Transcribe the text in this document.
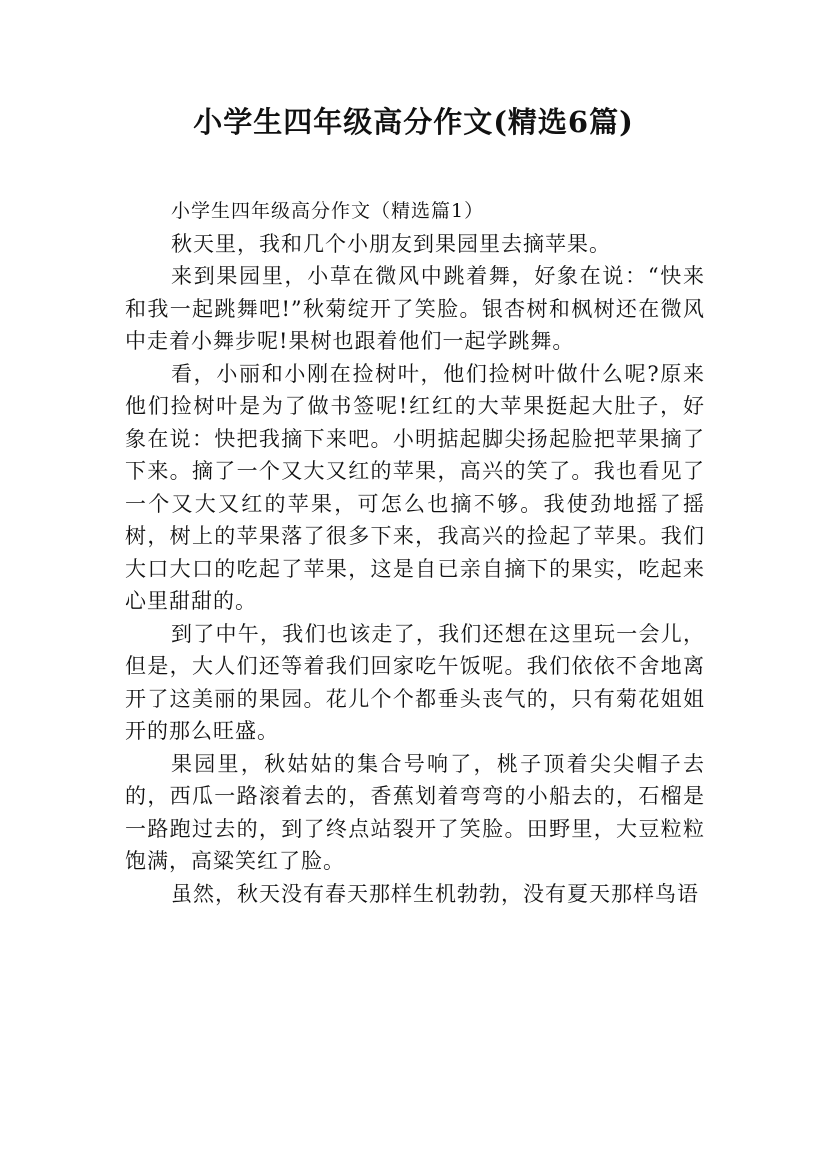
小学生四年级高分作文(精选6篇)
小学生四年级高分作文（精选篇1）

秋天里，我和几个小朋友到果园里去摘苹果。

来到果园里，小草在微风中跳着舞，好象在说：“快来和我一起跳舞吧!”秋菊绽开了笑脸。银杏树和枫树还在微风中走着小舞步呢!果树也跟着他们一起学跳舞。

看，小丽和小刚在捡树叶，他们捡树叶做什么呢?原来他们捡树叶是为了做书签呢!红红的大苹果挺起大肚子，好象在说：快把我摘下来吧。小明掂起脚尖扬起脸把苹果摘了下来。摘了一个又大又红的苹果，高兴的笑了。我也看见了一个又大又红的苹果，可怎么也摘不够。我使劲地摇了摇树，树上的苹果落了很多下来，我高兴的捡起了苹果。我们大口大口的吃起了苹果，这是自已亲自摘下的果实，吃起来心里甜甜的。

到了中午，我们也该走了，我们还想在这里玩一会儿，但是，大人们还等着我们回家吃午饭呢。我们依依不舍地离开了这美丽的果园。花儿个个都垂头丧气的，只有菊花姐姐开的那么旺盛。

果园里，秋姑姑的集合号响了，桃子顶着尖尖帽子去的，西瓜一路滚着去的，香蕉划着弯弯的小船去的，石榴是一路跑过去的，到了终点站裂开了笑脸。田野里，大豆粒粒饱满，高粱笑红了脸。

虽然，秋天没有春天那样生机勃勃，没有夏天那样鸟语
